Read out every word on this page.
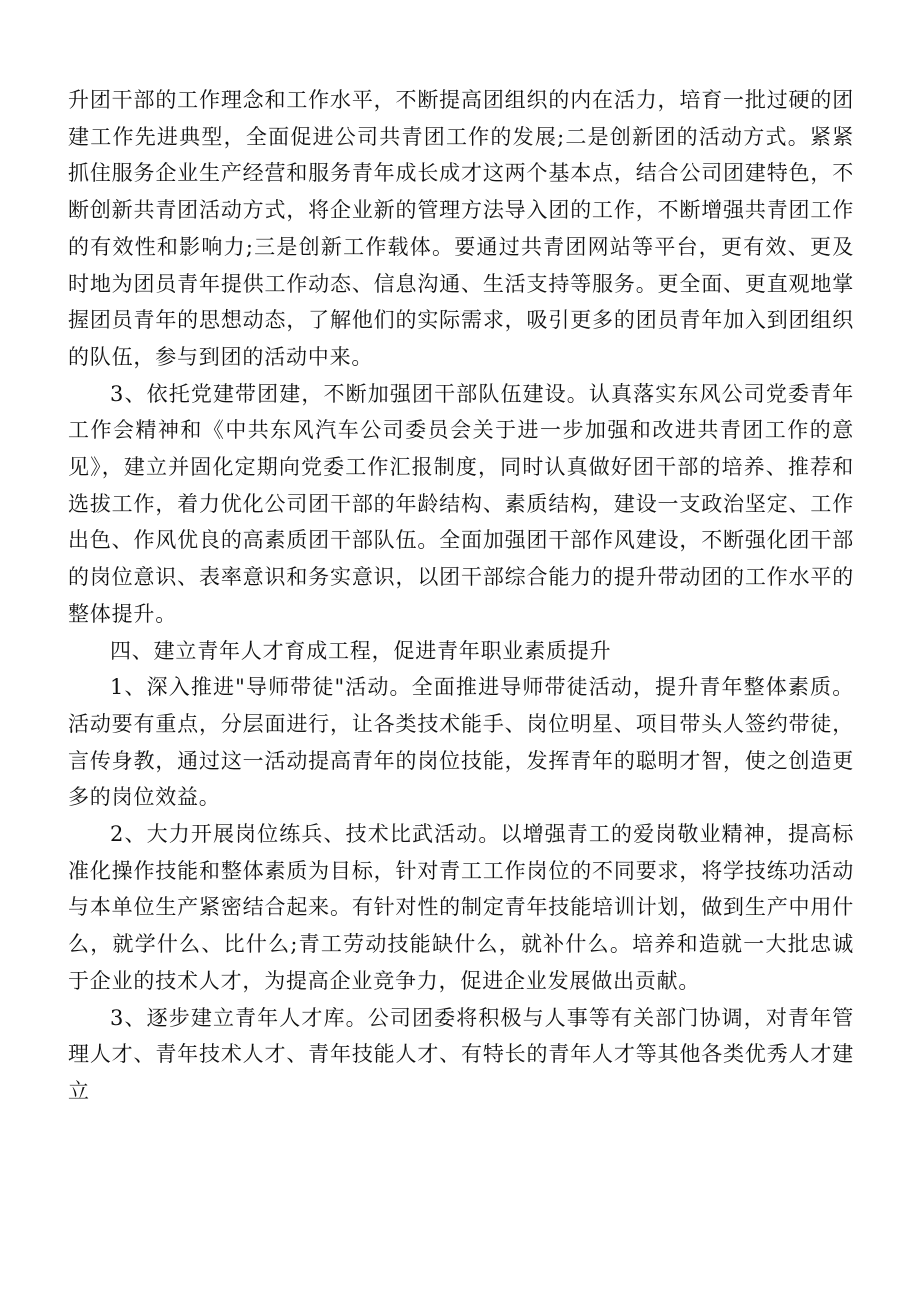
升团干部的工作理念和工作水平，不断提高团组织的内在活力，培育一批过硬的团建工作先进典型，全面促进公司共青团工作的发展;二是创新团的活动方式。紧紧抓住服务企业生产经营和服务青年成长成才这两个基本点，结合公司团建特色，不断创新共青团活动方式，将企业新的管理方法导入团的工作，不断增强共青团工作的有效性和影响力;三是创新工作载体。要通过共青团网站等平台，更有效、更及时地为团员青年提供工作动态、信息沟通、生活支持等服务。更全面、更直观地掌握团员青年的思想动态，了解他们的实际需求，吸引更多的团员青年加入到团组织的队伍，参与到团的活动中来。

3、依托党建带团建，不断加强团干部队伍建设。认真落实东风公司党委青年工作会精神和《中共东风汽车公司委员会关于进一步加强和改进共青团工作的意见》，建立并固化定期向党委工作汇报制度，同时认真做好团干部的培养、推荐和选拔工作，着力优化公司团干部的年龄结构、素质结构，建设一支政治坚定、工作出色、作风优良的高素质团干部队伍。全面加强团干部作风建设，不断强化团干部的岗位意识、表率意识和务实意识，以团干部综合能力的提升带动团的工作水平的整体提升。

四、建立青年人才育成工程，促进青年职业素质提升

1、深入推进"导师带徒"活动。全面推进导师带徒活动，提升青年整体素质。活动要有重点，分层面进行，让各类技术能手、岗位明星、项目带头人签约带徒，言传身教，通过这一活动提高青年的岗位技能，发挥青年的聪明才智，使之创造更多的岗位效益。

2、大力开展岗位练兵、技术比武活动。以增强青工的爱岗敬业精神，提高标准化操作技能和整体素质为目标，针对青工工作岗位的不同要求，将学技练功活动与本单位生产紧密结合起来。有针对性的制定青年技能培训计划，做到生产中用什么，就学什么、比什么;青工劳动技能缺什么，就补什么。培养和造就一大批忠诚于企业的技术人才，为提高企业竞争力，促进企业发展做出贡献。

3、逐步建立青年人才库。公司团委将积极与人事等有关部门协调，对青年管理人才、青年技术人才、青年技能人才、有特长的青年人才等其他各类优秀人才建立
